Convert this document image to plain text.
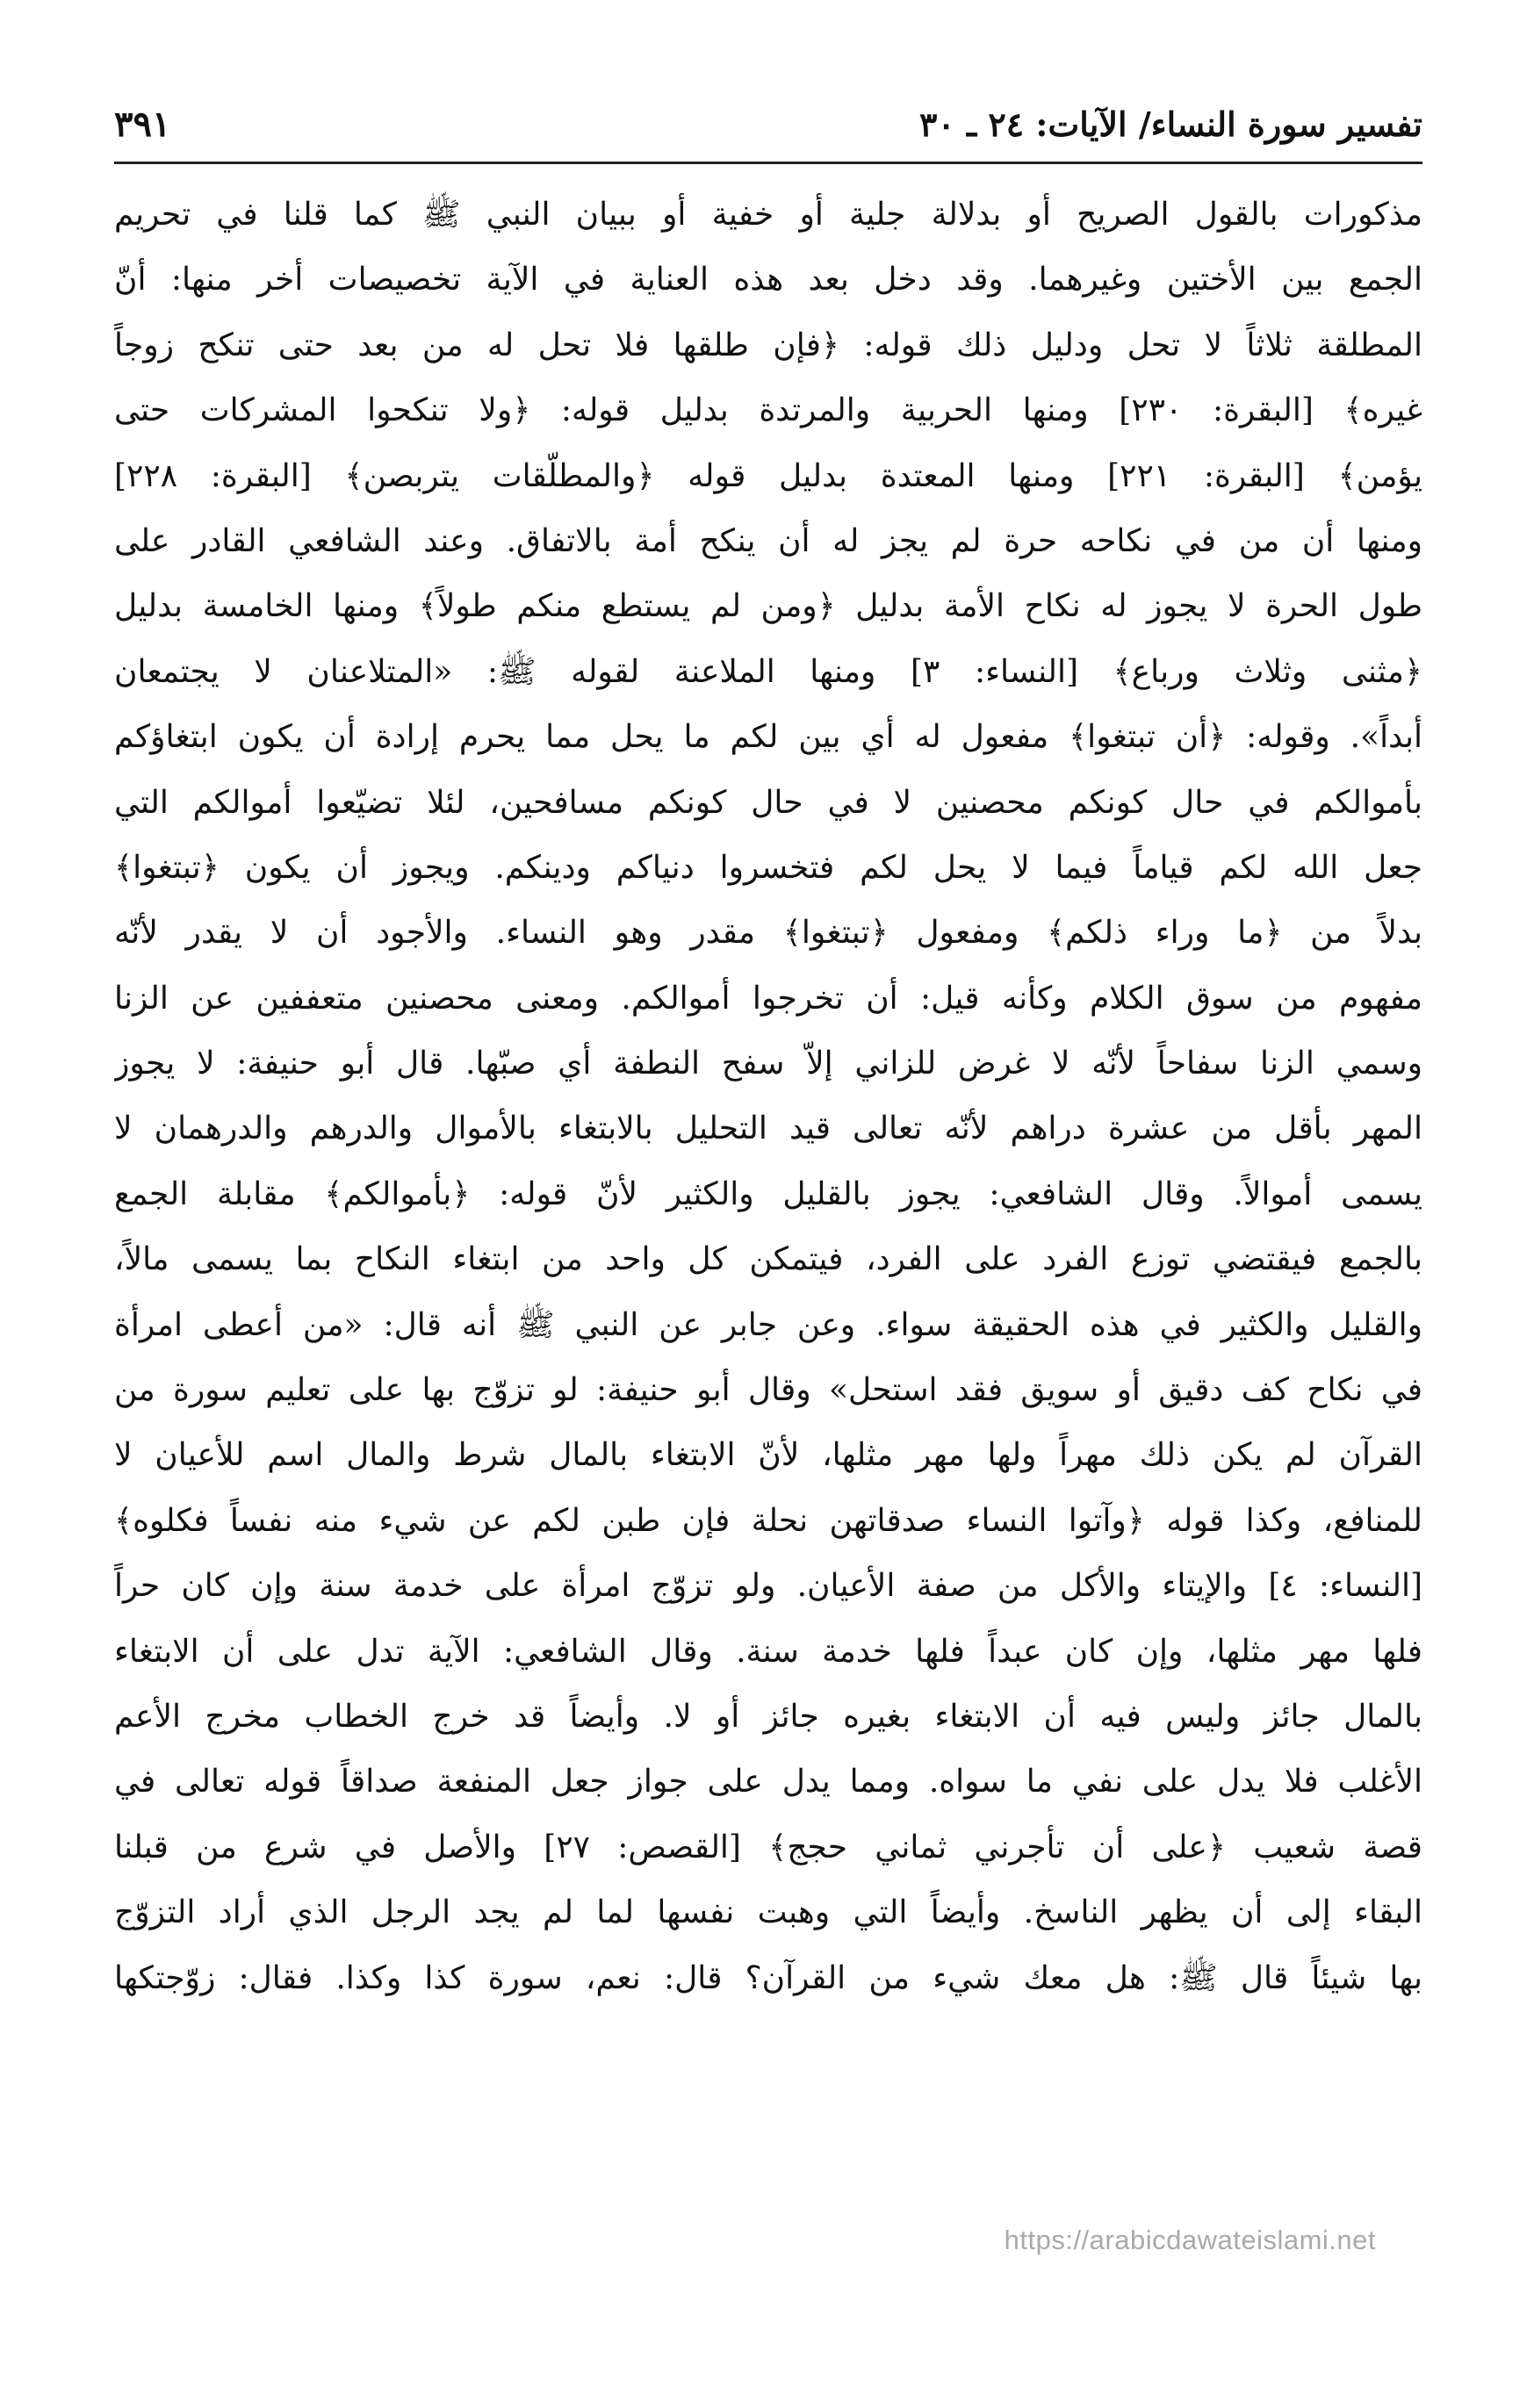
تفسير سورة النساء/ الآيات: ٢٤ ـ ٣٠
٣٩١
مذكورات بالقول الصريح أو بدلالة جلية أو خفية أو ببيان النبي ﷺ كما قلنا في تحريم
الجمع بين الأختين وغيرهما. وقد دخل بعد هذه العناية في الآية تخصيصات أخر منها: أنّ
المطلقة ثلاثاً لا تحل ودليل ذلك قوله: ﴿فإن طلقها فلا تحل له من بعد حتى تنكح زوجاً
غيره﴾ [البقرة: ٢٣٠] ومنها الحربية والمرتدة بدليل قوله: ﴿ولا تنكحوا المشركات حتى
يؤمن﴾ [البقرة: ٢٢١] ومنها المعتدة بدليل قوله ﴿والمطلّقات يتربصن﴾ [البقرة: ٢٢٨]
ومنها أن من في نكاحه حرة لم يجز له أن ينكح أمة بالاتفاق. وعند الشافعي القادر على
طول الحرة لا يجوز له نكاح الأمة بدليل ﴿ومن لم يستطع منكم طولاً﴾ ومنها الخامسة بدليل
﴿مثنى وثلاث ورباع﴾ [النساء: ٣] ومنها الملاعنة لقوله ﷺ: «المتلاعنان لا يجتمعان
أبداً». وقوله: ﴿أن تبتغوا﴾ مفعول له أي بين لكم ما يحل مما يحرم إرادة أن يكون ابتغاؤكم
بأموالكم في حال كونكم محصنين لا في حال كونكم مسافحين، لئلا تضيّعوا أموالكم التي
جعل الله لكم قياماً فيما لا يحل لكم فتخسروا دنياكم ودينكم. ويجوز أن يكون ﴿تبتغوا﴾
بدلاً من ﴿ما وراء ذلكم﴾ ومفعول ﴿تبتغوا﴾ مقدر وهو النساء. والأجود أن لا يقدر لأنّه
مفهوم من سوق الكلام وكأنه قيل: أن تخرجوا أموالكم. ومعنى محصنين متعففين عن الزنا
وسمي الزنا سفاحاً لأنّه لا غرض للزاني إلاّ سفح النطفة أي صبّها. قال أبو حنيفة: لا يجوز
المهر بأقل من عشرة دراهم لأنّه تعالى قيد التحليل بالابتغاء بالأموال والدرهم والدرهمان لا
يسمى أموالاً. وقال الشافعي: يجوز بالقليل والكثير لأنّ قوله: ﴿بأموالكم﴾ مقابلة الجمع
بالجمع فيقتضي توزع الفرد على الفرد، فيتمكن كل واحد من ابتغاء النكاح بما يسمى مالاً،
والقليل والكثير في هذه الحقيقة سواء. وعن جابر عن النبي ﷺ أنه قال: «من أعطى امرأة
في نكاح كف دقيق أو سويق فقد استحل» وقال أبو حنيفة: لو تزوّج بها على تعليم سورة من
القرآن لم يكن ذلك مهراً ولها مهر مثلها، لأنّ الابتغاء بالمال شرط والمال اسم للأعيان لا
للمنافع، وكذا قوله ﴿وآتوا النساء صدقاتهن نحلة فإن طبن لكم عن شيء منه نفساً فكلوه﴾
[النساء: ٤] والإيتاء والأكل من صفة الأعيان. ولو تزوّج امرأة على خدمة سنة وإن كان حراً
فلها مهر مثلها، وإن كان عبداً فلها خدمة سنة. وقال الشافعي: الآية تدل على أن الابتغاء
بالمال جائز وليس فيه أن الابتغاء بغيره جائز أو لا. وأيضاً قد خرج الخطاب مخرج الأعم
الأغلب فلا يدل على نفي ما سواه. ومما يدل على جواز جعل المنفعة صداقاً قوله تعالى في
قصة شعيب ﴿على أن تأجرني ثماني حجج﴾ [القصص: ٢٧] والأصل في شرع من قبلنا
البقاء إلى أن يظهر الناسخ. وأيضاً التي وهبت نفسها لما لم يجد الرجل الذي أراد التزوّج
بها شيئاً قال ﷺ: هل معك شيء من القرآن؟ قال: نعم، سورة كذا وكذا. فقال: زوّجتكها
https://arabicdawateislami.net
